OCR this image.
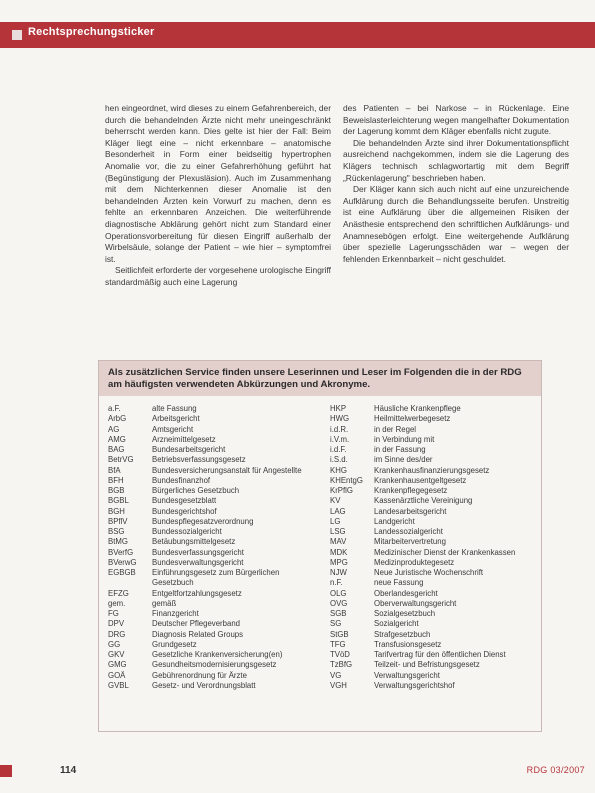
Rechtsprechungsticker

hen eingeordnet, wird dieses zu einem Gefahrenbereich, der durch die behandelnden Ärzte nicht mehr uneingeschränkt beherrscht werden kann. Dies gelte ist hier der Fall: Beim Kläger liegt eine – nicht erkennbare – anatomische Besonderheit in Form einer beidseitig hypertrophen Anomalie vor, die zu einer Gefahrerhöhung geführt hat (Begünstigung der Plexusläsion). Auch im Zusammenhang mit dem Nichterkennen dieser Anomalie ist den behandelnden Ärzten kein Vorwurf zu machen, denn es fehlte an erkennbaren Anzeichen. Die weiterführende diagnostische Abklärung gehört nicht zum Standard einer Operationsvorbereitung für diesen Eingriff außerhalb der Wirbelsäule, solange der Patient – wie hier – symptomfrei ist.

Seitlichfeit erforderte der vorgesehene urologische Eingriff standardmäßig auch eine Lagerung

des Patienten – bei Narkose – in Rückenlage. Eine Beweislasterleichterung wegen mangelhafter Dokumentation der Lagerung kommt dem Kläger ebenfalls nicht zugute.

Die behandelnden Ärzte sind ihrer Dokumentationspflicht ausreichend nachgekommen, indem sie die Lagerung des Klägers technisch schlagwortartig mit dem Begriff „Rückenlagerung" beschrieben haben.

Der Kläger kann sich auch nicht auf eine unzureichende Aufklärung durch die Behandlungsseite berufen. Unstreitig ist eine Aufklärung über die allgemeinen Risiken der Anästhesie entsprechend den schriftlichen Aufklärungs- und Anamnesebögen erfolgt. Eine weitergehende Aufklärung über spezielle Lagerungsschäden war – wegen der fehlenden Erkennbarkeit – nicht geschuldet.

Als zusätzlichen Service finden unsere Leserinnen und Leser im Folgenden die in der RDG am häufigsten verwendeten Abkürzungen und Akronyme.
a.F.	alte Fassung
ArbG	Arbeitsgericht
AG	Amtsgericht
AMG	Arzneimittelgesetz
BAG	Bundesarbeitsgericht
BetrVG	Betriebsverfassungsgesetz
BfA	Bundesversicherungsanstalt für Angestellte
BFH	Bundesfinanzhof
BGB	Bürgerliches Gesetzbuch
BGBL	Bundesgesetzblatt
BGH	Bundesgerichtshof
BPflV	Bundespflegesatzverordnung
BSG	Bundessozialgericht
BtMG	Betäubungsmittelgesetz
BVerfG	Bundesverfassungsgericht
BVerwG	Bundesverwaltungsgericht
EGBGB	Einführungsgesetz zum Bürgerlichen
Gesetzbuch
EFZG	Entgeltfortzahlungsgesetz
gem.	gemäß
FG	Finanzgericht
DPV	Deutscher Pflegeverband
DRG	Diagnosis Related Groups
GG	Grundgesetz
GKV	Gesetzliche Krankenversicherung(en)
GMG	Gesundheitsmodernisierungsgesetz
GOÄ	Gebührenordnung für Ärzte
GVBL	Gesetz- und Verordnungsblatt
HKP	Häusliche Krankenpflege
HWG	Heilmittelwerbegesetz
i.d.R.	in der Regel
i.V.m.	in Verbindung mit
i.d.F.	in der Fassung
i.S.d.	im Sinne des/der
KHG	Krankenhausfinanzierungsgesetz
KHEntgG	Krankenhausentgeltgesetz
KrPflG	Krankenpflegegesetz
KV	Kassenärztliche Vereinigung
LAG	Landesarbeitsgericht
LG	Landgericht
LSG	Landessozialgericht
MAV	Mitarbeitervertretung
MDK	Medizinischer Dienst der Krankenkassen
MPG	Medizinproduktegesetz
NJW	Neue Juristische Wochenschrift
n.F.	neue Fassung
OLG	Oberlandesgericht
OVG	Oberverwaltungsgericht
SGB	Sozialgesetzbuch
SG	Sozialgericht
StGB	Strafgesetzbuch
TFG	Transfusionsgesetz
TVöD	Tarifvertrag für den öffentlichen Dienst
TzBfG	Teilzeit- und Befristungsgesetz
VG	Verwaltungsgericht
VGH	Verwaltungsgerichtshof
114	RDG 03/2007
